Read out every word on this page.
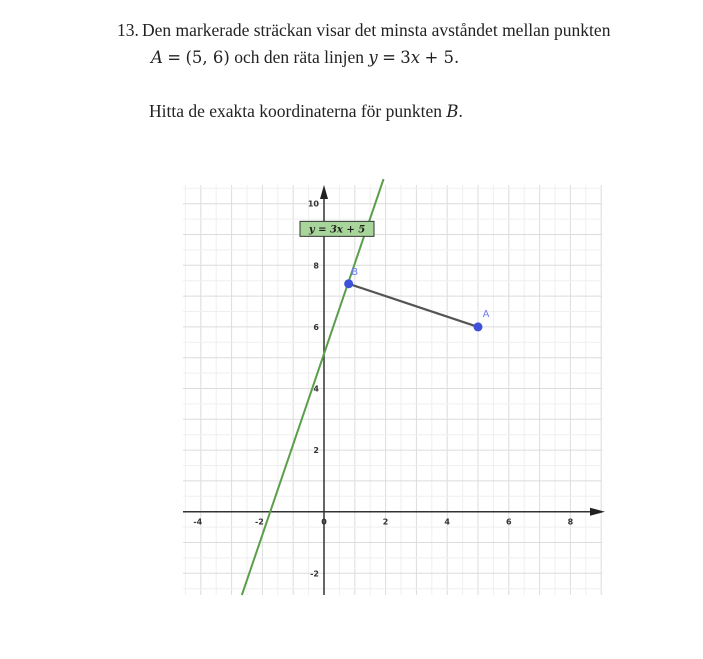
13. Den markerade sträckan visar det minsta avståndet mellan punkten
A = (5, 6) och den räta linjen y = 3x + 5.
Hitta de exakta koordinaterna för punkten B.
-4	-2	0	2	4	6	8
-2
2
4
6
8
10
y = 3x + 5
A
B
